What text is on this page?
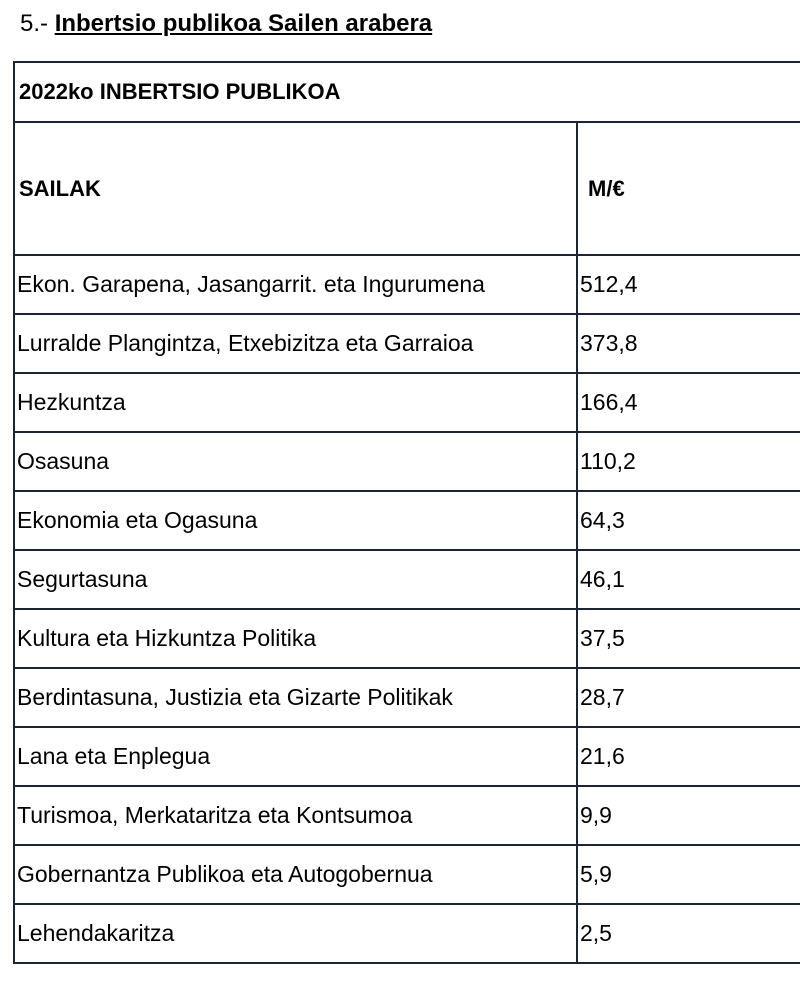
5.- Inbertsio publikoa Sailen arabera
2022ko INBERTSIO PUBLIKOA	
SAILAK	M/€
Ekon. Garapena, Jasangarrit. eta Ingurumena	512,4
Lurralde Plangintza, Etxebizitza eta Garraioa	373,8
Hezkuntza	166,4
Osasuna	110,2
Ekonomia eta Ogasuna	64,3
Segurtasuna	46,1
Kultura eta Hizkuntza Politika	37,5
Berdintasuna, Justizia eta Gizarte Politikak	28,7
Lana eta Enplegua	21,6
Turismoa, Merkataritza eta Kontsumoa	9,9
Gobernantza Publikoa eta Autogobernua	5,9
Lehendakaritza	2,5
